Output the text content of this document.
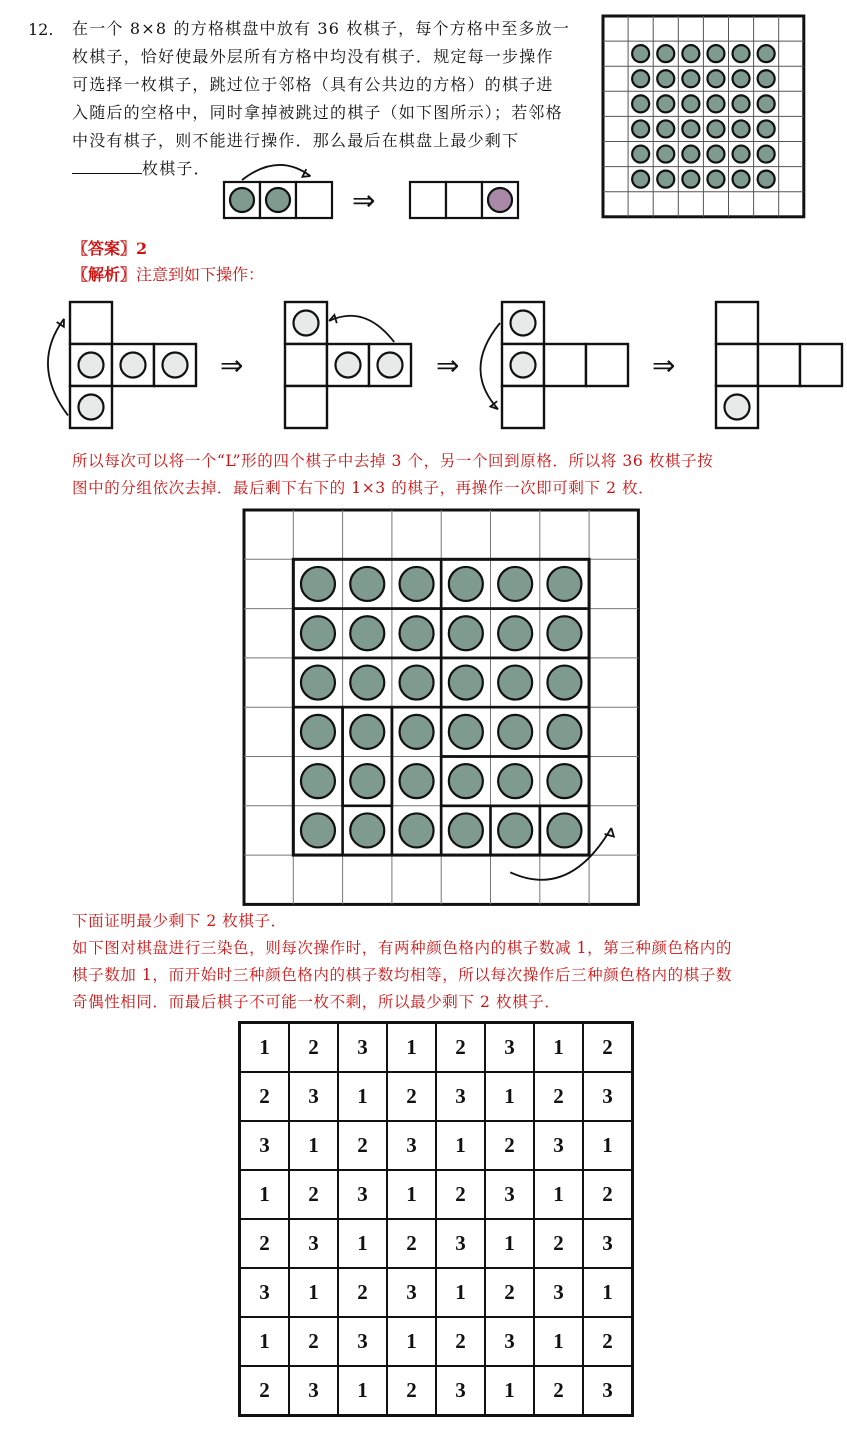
12. 在一个 8×8 的方格棋盘中放有 36 枚棋子，每个方格中至多放一
枚棋子，恰好使最外层所有方格中均没有棋子．规定每一步操作
可选择一枚棋子，跳过位于邻格（具有公共边的方格）的棋子进
入随后的空格中，同时拿掉被跳过的棋子（如下图所示）；若邻格
中没有棋子，则不能进行操作．那么最后在棋盘上最少剩下
枚棋子．
⇒
〖答案〗2
〖解析〗注意到如下操作：
⇒	⇒	⇒
所以每次可以将一个“L”形的四个棋子中去掉 3 个，另一个回到原格．所以将 36 枚棋子按
图中的分组依次去掉．最后剩下右下的 1×3 的棋子，再操作一次即可剩下 2 枚．
下面证明最少剩下 2 枚棋子．
如下图对棋盘进行三染色，则每次操作时，有两种颜色格内的棋子数减 1，第三种颜色格内的
棋子数加 1，而开始时三种颜色格内的棋子数均相等，所以每次操作后三种颜色格内的棋子数
奇偶性相同．而最后棋子不可能一枚不剩，所以最少剩下 2 枚棋子．
1	2	3	1	2	3	1	2
2	3	1	2	3	1	2	3
3	1	2	3	1	2	3	1
1	2	3	1	2	3	1	2
2	3	1	2	3	1	2	3
3	1	2	3	1	2	3	1
1	2	3	1	2	3	1	2
2	3	1	2	3	1	2	3
